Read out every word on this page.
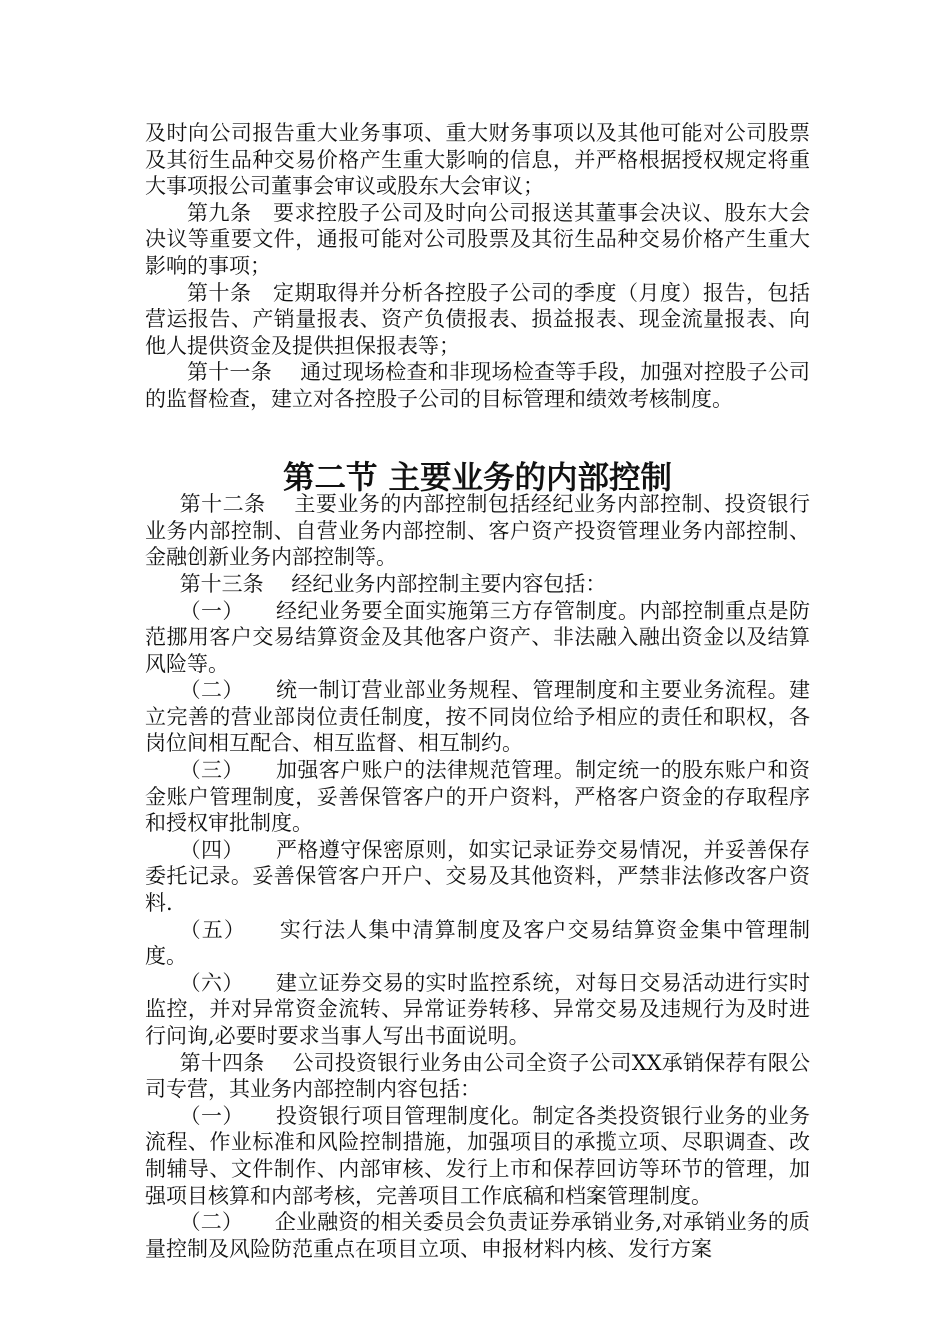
及时向公司报告重大业务事项、重大财务事项以及其他可能对公司股票及其衍生品种交易价格产生重大影响的信息，并严格根据授权规定将重大事项报公司董事会审议或股东大会审议；

第九条　要求控股子公司及时向公司报送其董事会决议、股东大会决议等重要文件，通报可能对公司股票及其衍生品种交易价格产生重大影响的事项；

第十条　定期取得并分析各控股子公司的季度（月度）报告，包括营运报告、产销量报表、资产负债报表、损益报表、现金流量报表、向他人提供资金及提供担保报表等；

第十一条　 通过现场检查和非现场检查等手段，加强对控股子公司的监督检查，建立对各控股子公司的目标管理和绩效考核制度。

第二节 主要业务的内部控制

第十二条　 主要业务的内部控制包括经纪业务内部控制、投资银行业务内部控制、自营业务内部控制、客户资产投资管理业务内部控制、金融创新业务内部控制等。

第十三条　 经纪业务内部控制主要内容包括：

（一）　　经纪业务要全面实施第三方存管制度。内部控制重点是防范挪用客户交易结算资金及其他客户资产、非法融入融出资金以及结算风险等。

（二）　　统一制订营业部业务规程、管理制度和主要业务流程。建立完善的营业部岗位责任制度，按不同岗位给予相应的责任和职权，各岗位间相互配合、相互监督、相互制约。

（三）　　加强客户账户的法律规范管理。制定统一的股东账户和资金账户管理制度，妥善保管客户的开户资料，严格客户资金的存取程序和授权审批制度。

（四）　　严格遵守保密原则，如实记录证券交易情况，并妥善保存委托记录。妥善保管客户开户、交易及其他资料，严禁非法修改客户资料.

（五）　　实行法人集中清算制度及客户交易结算资金集中管理制度。

（六）　　建立证券交易的实时监控系统，对每日交易活动进行实时监控，并对异常资金流转、异常证券转移、异常交易及违规行为及时进行问询,必要时要求当事人写出书面说明。

第十四条　 公司投资银行业务由公司全资子公司XX承销保荐有限公司专营，其业务内部控制内容包括：

（一）　　投资银行项目管理制度化。制定各类投资银行业务的业务流程、作业标准和风险控制措施，加强项目的承揽立项、尽职调查、改制辅导、文件制作、内部审核、发行上市和保荐回访等环节的管理，加强项目核算和内部考核，完善项目工作底稿和档案管理制度。

（二）　　企业融资的相关委员会负责证券承销业务,对承销业务的质量控制及风险防范重点在项目立项、申报材料内核、发行方案
